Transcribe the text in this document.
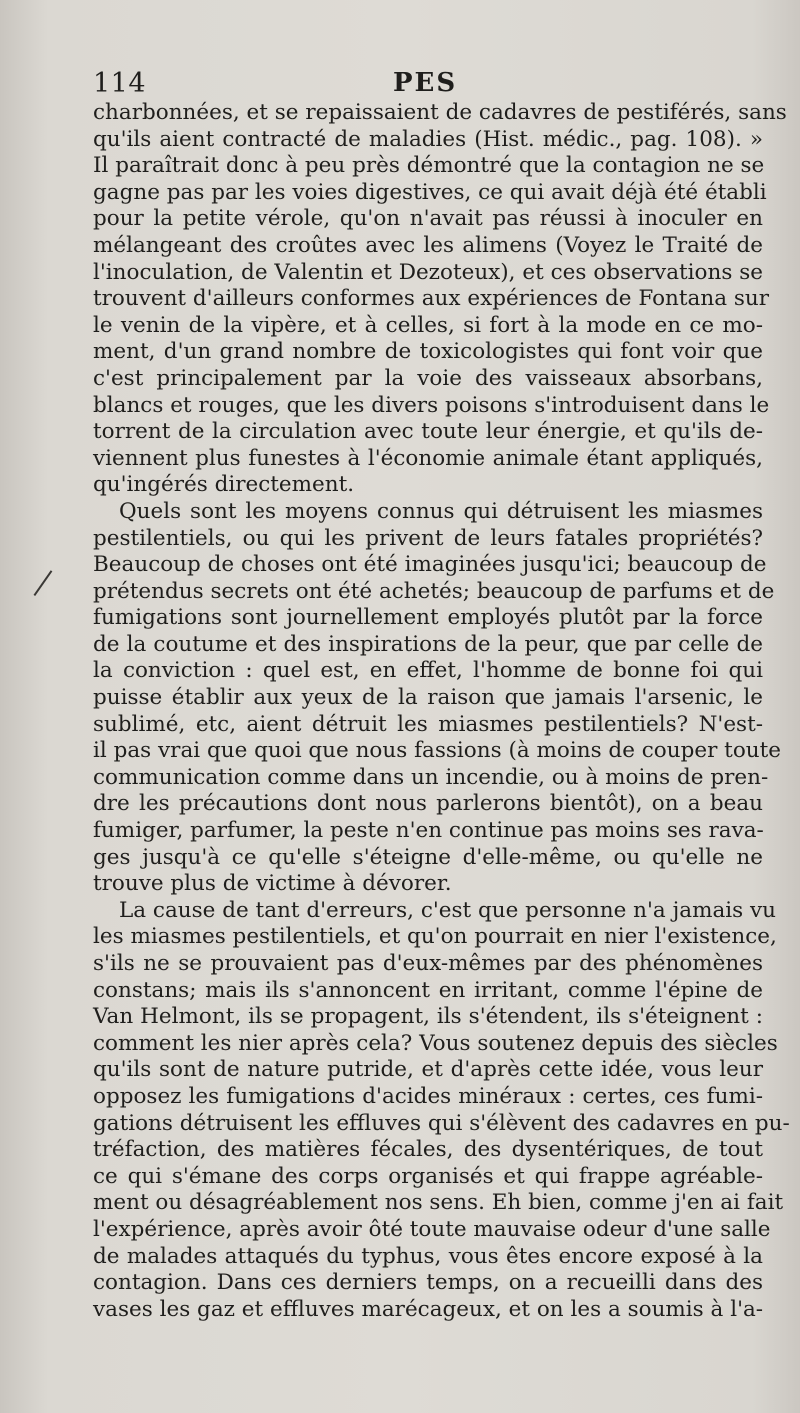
114	PES
charbonnées, et se repaissaient de cadavres de pestiférés, sans
qu'ils aient contracté de maladies (Hist. médic., pag. 108). »
Il paraîtrait donc à peu près démontré que la contagion ne se
gagne pas par les voies digestives, ce qui avait déjà été établi
pour la petite vérole, qu'on n'avait pas réussi à inoculer en
mélangeant des croûtes avec les alimens (Voyez le Traité de
l'inoculation, de Valentin et Dezoteux), et ces observations se
trouvent d'ailleurs conformes aux expériences de Fontana sur
le venin de la vipère, et à celles, si fort à la mode en ce mo-
ment, d'un grand nombre de toxicologistes qui font voir que
c'est principalement par la voie des vaisseaux absorbans,
blancs et rouges, que les divers poisons s'introduisent dans le
torrent de la circulation avec toute leur énergie, et qu'ils de-
viennent plus funestes à l'économie animale étant appliqués,
qu'ingérés directement.
Quels sont les moyens connus qui détruisent les miasmes
pestilentiels, ou qui les privent de leurs fatales propriétés?
Beaucoup de choses ont été imaginées jusqu'ici; beaucoup de
prétendus secrets ont été achetés; beaucoup de parfums et de
fumigations sont journellement employés plutôt par la force
de la coutume et des inspirations de la peur, que par celle de
la conviction : quel est, en effet, l'homme de bonne foi qui
puisse établir aux yeux de la raison que jamais l'arsenic, le
sublimé, etc, aient détruit les miasmes pestilentiels? N'est-
il pas vrai que quoi que nous fassions (à moins de couper toute
communication comme dans un incendie, ou à moins de pren-
dre les précautions dont nous parlerons bientôt), on a beau
fumiger, parfumer, la peste n'en continue pas moins ses rava-
ges jusqu'à ce qu'elle s'éteigne d'elle-même, ou qu'elle ne
trouve plus de victime à dévorer.
La cause de tant d'erreurs, c'est que personne n'a jamais vu
les miasmes pestilentiels, et qu'on pourrait en nier l'existence,
s'ils ne se prouvaient pas d'eux-mêmes par des phénomènes
constans; mais ils s'annoncent en irritant, comme l'épine de
Van Helmont, ils se propagent, ils s'étendent, ils s'éteignent :
comment les nier après cela? Vous soutenez depuis des siècles
qu'ils sont de nature putride, et d'après cette idée, vous leur
opposez les fumigations d'acides minéraux : certes, ces fumi-
gations détruisent les effluves qui s'élèvent des cadavres en pu-
tréfaction, des matières fécales, des dysentériques, de tout
ce qui s'émane des corps organisés et qui frappe agréable-
ment ou désagréablement nos sens. Eh bien, comme j'en ai fait
l'expérience, après avoir ôté toute mauvaise odeur d'une salle
de malades attaqués du typhus, vous êtes encore exposé à la
contagion. Dans ces derniers temps, on a recueilli dans des
vases les gaz et effluves marécageux, et on les a soumis à l'a-
